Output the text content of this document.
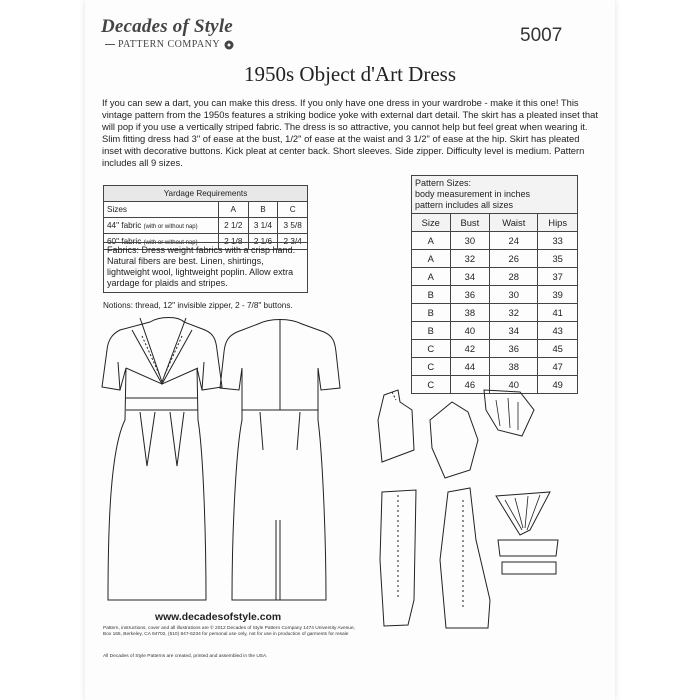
Decades of Style
PATTERN COMPANY	5007
1950s Object d'Art Dress

If you can sew a dart, you can make this dress. If you only have one dress in your wardrobe - make it this one! This vintage pattern from the 1950s features a striking bodice yoke with external dart detail. The skirt has a pleated inset that will pop if you use a vertically striped fabric. The dress is so attractive, you cannot help but feel great when wearing it.

Slim fitting dress had 3" of ease at the bust, 1/2" of ease at the waist and 3 1/2" of ease at the hip. Skirt has pleated inset with decorative buttons. Kick pleat at center back. Short sleeves. Side zipper. Difficulty level is medium. Pattern includes all 9 sizes.

Yardage Requirements			
Sizes	A	B	C
44" fabric (with or without nap)	2 1/2	3 1/4	3 5/8
60" fabric (with or without nap)	2 1/8	2 1/6	2 3/4
Fabrics: Dress weight fabrics with a crisp hand. Natural fibers are best. Linen, shirtings, lightweight wool, lightweight poplin. Allow extra yardage for plaids and stripes.
Notions: thread, 12" invisible zipper, 2 - 7/8" buttons.
Pattern Sizes:
body measurement in inches
pattern includes all sizes
Size	Bust	Waist	Hips
A	30	24	33
A	32	26	35
A	34	28	37
B	36	30	39
B	38	32	41
B	40	34	43
C	42	36	45
C	44	38	47
C	46	40	49
www.decadesofstyle.com
Pattern, instructions, cover and all illustrations are © 2012 Decades of Style Pattern Company 1474 University Avenue, Box 165, Berkeley, CA 94702, (510) 847-6234 for personal use only, not for use in production of garments for resale
All Decades of Style Patterns are created, printed and assembled in the USA.
